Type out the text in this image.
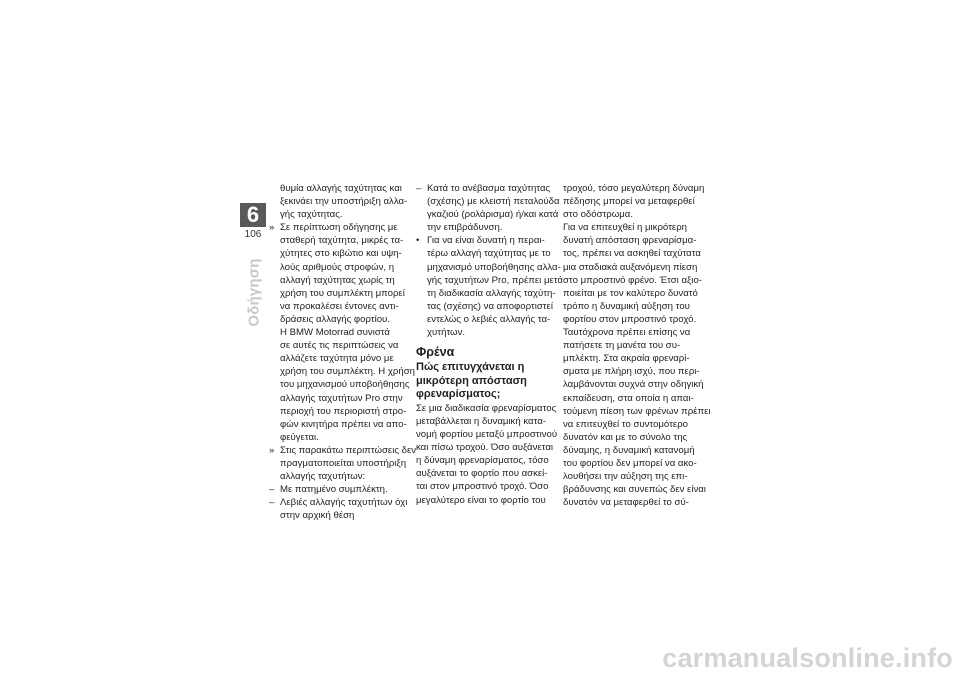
6
106
Οδήγηση
θυμία αλλαγής ταχύτητας και
ξεκινάει την υποστήριξη αλλα-
γής ταχύτητας.
» Σε περίπτωση οδήγησης με
σταθερή ταχύτητα, μικρές τα-
χύτητες στο κιβώτιο και υψη-
λούς αριθμούς στροφών, η
αλλαγή ταχύτητας χωρίς τη
χρήση του συμπλέκτη μπορεί
να προκαλέσει έντονες αντι-
δράσεις αλλαγής φορτίου.
Η BMW Motorrad συνιστά
σε αυτές τις περιπτώσεις να
αλλάζετε ταχύτητα μόνο με
χρήση του συμπλέκτη. Η χρήση
του μηχανισμού υποβοήθησης
αλλαγής ταχυτήτων Pro στην
περιοχή του περιοριστή στρο-
φών κινητήρα πρέπει να απο-
φεύγεται.
» Στις παρακάτω περιπτώσεις δεν
πραγματοποιείται υποστήριξη
αλλαγής ταχυτήτων:
– Με πατημένο συμπλέκτη.
– Λεβιές αλλαγής ταχυτήτων όχι
στην αρχική θέση
– Κατά το ανέβασμα ταχύτητας
(σχέσης) με κλειστή πεταλούδα
γκαζιού (ρολάρισμα) ή/και κατά
την επιβράδυνση.
• Για να είναι δυνατή η περαι-
τέρω αλλαγή ταχύτητας με το
μηχανισμό υποβοήθησης αλλα-
γής ταχυτήτων Pro, πρέπει μετά
τη διαδικασία αλλαγής ταχύτη-
τας (σχέσης) να αποφορτιστεί
εντελώς ο λεβιές αλλαγής τα-
χυτήτων.
Φρένα
Πώς επιτυγχάνεται η
μικρότερη απόσταση
φρεναρίσματος;
Σε μια διαδικασία φρεναρίσματος
μεταβάλλεται η δυναμική κατα-
νομή φορτίου μεταξύ μπροστινού
και πίσω τροχού. Όσο αυξάνεται
η δύναμη φρεναρίσματος, τόσο
αυξάνεται το φορτίο που ασκεί-
ται στον μπροστινό τροχό. Όσο
μεγαλύτερο είναι το φορτίο του
τροχού, τόσο μεγαλύτερη δύναμη
πέδησης μπορεί να μεταφερθεί
στο οδόστρωμα.
Για να επιτευχθεί η μικρότερη
δυνατή απόσταση φρεναρίσμα-
τος, πρέπει να ασκηθεί ταχύτατα
μια σταδιακά αυξανόμενη πίεση
στο μπροστινό φρένο. Έτσι αξιο-
ποιείται με τον καλύτερο δυνατό
τρόπο η δυναμική αύξηση του
φορτίου στον μπροστινό τροχό.
Ταυτόχρονα πρέπει επίσης να
πατήσετε τη μανέτα του συ-
μπλέκτη. Στα ακραία φρεναρί-
σματα με πλήρη ισχύ, που περι-
λαμβάνονται συχνά στην οδηγική
εκπαίδευση, στα οποία η απαι-
τούμενη πίεση των φρένων πρέπει
να επιτευχθεί το συντομότερο
δυνατόν και με το σύνολο της
δύναμης, η δυναμική κατανομή
του φορτίου δεν μπορεί να ακο-
λουθήσει την αύξηση της επι-
βράδυνσης και συνεπώς δεν είναι
δυνατόν να μεταφερθεί το σύ-
carmanualsonline.info
